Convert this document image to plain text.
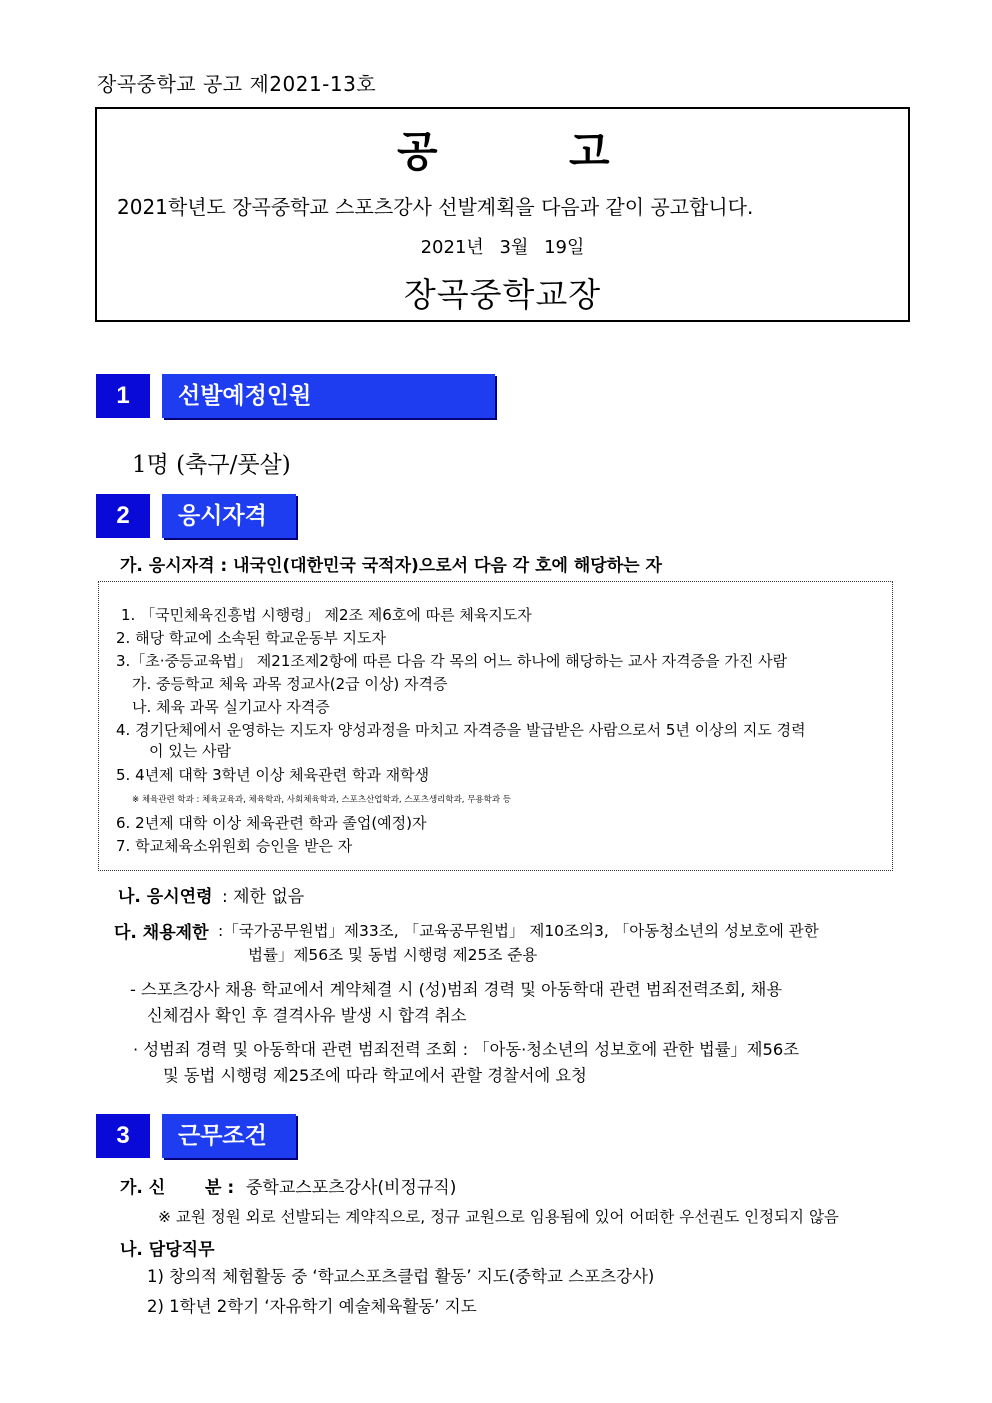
장곡중학교 공고 제2021-13호
공	고
2021학년도 장곡중학교 스포츠강사 선발계획을 다음과 같이 공고합니다.
2021년 3월 19일
장곡중학교장
1	선발예정인원
1명 (축구/풋살)
2	응시자격
가. 응시자격 : 내국인(대한민국 국적자)으로서 다음 각 호에 해당하는 자
1. 「국민체육진흥법 시행령」 제2조 제6호에 따른 체육지도자
2. 해당 학교에 소속된 학교운동부 지도자
3.「초·중등교육법」 제21조제2항에 따른 다음 각 목의 어느 하나에 해당하는 교사 자격증을 가진 사람
가. 중등학교 체육 과목 정교사(2급 이상) 자격증
나. 체육 과목 실기교사 자격증
4. 경기단체에서 운영하는 지도자 양성과정을 마치고 자격증을 발급받은 사람으로서 5년 이상의 지도 경력
이 있는 사람
5. 4년제 대학 3학년 이상 체육관련 학과 재학생
※ 체육관련 학과 : 체육교육과, 체육학과, 사회체육학과, 스포츠산업학과, 스포츠생리학과, 무용학과 등
6. 2년제 대학 이상 체육관련 학과 졸업(예정)자
7. 학교체육소위원회 승인을 받은 자
나. 응시연령 : 제한 없음
다. 채용제한 :「국가공무원법」제33조, 「교육공무원법」 제10조의3, 「아동청소년의 성보호에 관한
법률」제56조 및 동법 시행령 제25조 준용
- 스포츠강사 채용 학교에서 계약체결 시 (성)범죄 경력 및 아동학대 관련 범죄전력조회, 채용
신체검사 확인 후 결격사유 발생 시 합격 취소
· 성범죄 경력 및 아동학대 관련 범죄전력 조회 : 「아동·청소년의 성보호에 관한 법률」제56조
및 동법 시행령 제25조에 따라 학교에서 관할 경찰서에 요청
3	근무조건
가. 신 분 : 중학교스포츠강사(비정규직)
※ 교원 정원 외로 선발되는 계약직으로, 정규 교원으로 임용됨에 있어 어떠한 우선권도 인정되지 않음
나. 담당직무
1) 창의적 체험활동 중 ‘학교스포츠클럽 활동’ 지도(중학교 스포츠강사)
2) 1학년 2학기 ‘자유학기 예술체육활동’ 지도
